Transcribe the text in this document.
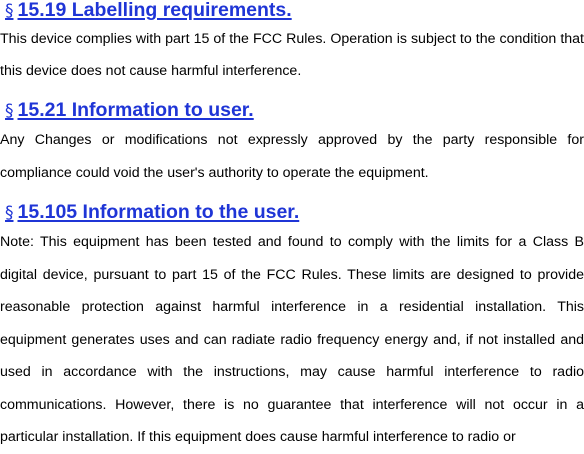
§ 15.19 Labelling requirements.

This device complies with part 15 of the FCC Rules. Operation is subject to the condition that this device does not cause harmful interference.

§ 15.21 Information to user.

Any Changes or modifications not expressly approved by the party responsible for compliance could void the user's authority to operate the equipment.

§ 15.105 Information to the user.

Note: This equipment has been tested and found to comply with the limits for a Class B digital device, pursuant to part 15 of the FCC Rules. These limits are designed to provide reasonable protection against harmful interference in a residential installation. This equipment generates uses and can radiate radio frequency energy and, if not installed and used in accordance with the instructions, may cause harmful interference to radio communications. However, there is no guarantee that interference will not occur in a particular installation. If this equipment does cause harmful interference to radio or
